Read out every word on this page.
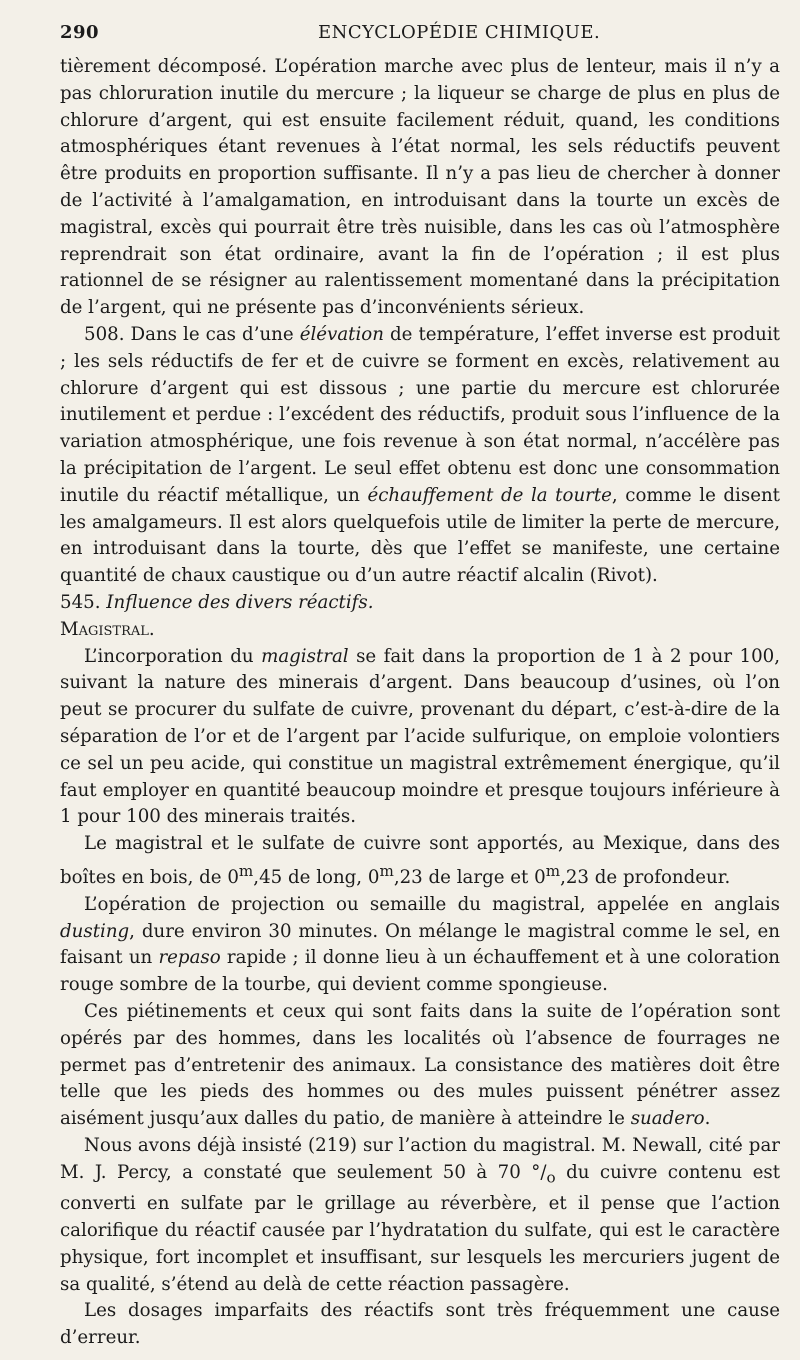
290	ENCYCLOPÉDIE CHIMIQUE.

tièrement décomposé. L’opération marche avec plus de lenteur, mais il n’y a pas chloruration inutile du mercure ; la liqueur se charge de plus en plus de chlorure d’argent, qui est ensuite facilement réduit, quand, les conditions atmosphériques étant revenues à l’état normal, les sels réductifs peuvent être produits en proportion suffisante. Il n’y a pas lieu de chercher à donner de l’activité à l’amalgamation, en introduisant dans la tourte un excès de magistral, excès qui pourrait être très nuisible, dans les cas où l’atmosphère reprendrait son état ordinaire, avant la fin de l’opération ; il est plus rationnel de se résigner au ralentissement momentané dans la précipitation de l’argent, qui ne présente pas d’inconvénients sérieux.

508. Dans le cas d’une élévation de température, l’effet inverse est produit ; les sels réductifs de fer et de cuivre se forment en excès, relativement au chlorure d’argent qui est dissous ; une partie du mercure est chlorurée inutilement et perdue : l’excédent des réductifs, produit sous l’influence de la variation atmosphérique, une fois revenue à son état normal, n’accélère pas la précipitation de l’argent. Le seul effet obtenu est donc une consommation inutile du réactif métallique, un échauffement de la tourte, comme le disent les amalgameurs. Il est alors quelquefois utile de limiter la perte de mercure, en introduisant dans la tourte, dès que l’effet se manifeste, une certaine quantité de chaux caustique ou d’un autre réactif alcalin (Rivot).

545. Influence des divers réactifs.

Magistral.

L’incorporation du magistral se fait dans la proportion de 1 à 2 pour 100, suivant la nature des minerais d’argent. Dans beaucoup d’usines, où l’on peut se procurer du sulfate de cuivre, provenant du départ, c’est-à-dire de la séparation de l’or et de l’argent par l’acide sulfurique, on emploie volontiers ce sel un peu acide, qui constitue un magistral extrêmement énergique, qu’il faut employer en quantité beaucoup moindre et presque toujours inférieure à 1 pour 100 des minerais traités.

Le magistral et le sulfate de cuivre sont apportés, au Mexique, dans des boîtes en bois, de 0$^m$,45 de long, 0$^m$,23 de large et 0$^m$,23 de profondeur.

L’opération de projection ou semaille du magistral, appelée en anglais dusting, dure environ 30 minutes. On mélange le magistral comme le sel, en faisant un repaso rapide ; il donne lieu à un échauffement et à une coloration rouge sombre de la tourbe, qui devient comme spongieuse.

Ces piétinements et ceux qui sont faits dans la suite de l’opération sont opérés par des hommes, dans les localités où l’absence de fourrages ne permet pas d’entretenir des animaux. La consistance des matières doit être telle que les pieds des hommes ou des mules puissent pénétrer assez aisément jusqu’aux dalles du patio, de manière à atteindre le suadero.

Nous avons déjà insisté (219) sur l’action du magistral. M. Newall, cité par M. J. Percy, a constaté que seulement 50 à 70 $^\circ/_o$ du cuivre contenu est converti en sulfate par le grillage au réverbère, et il pense que l’action calorifique du réactif causée par l’hydratation du sulfate, qui est le caractère physique, fort incomplet et insuffisant, sur lesquels les mercuriers jugent de sa qualité, s’étend au delà de cette réaction passagère.

Les dosages imparfaits des réactifs sont très fréquemment une cause d’erreur.
